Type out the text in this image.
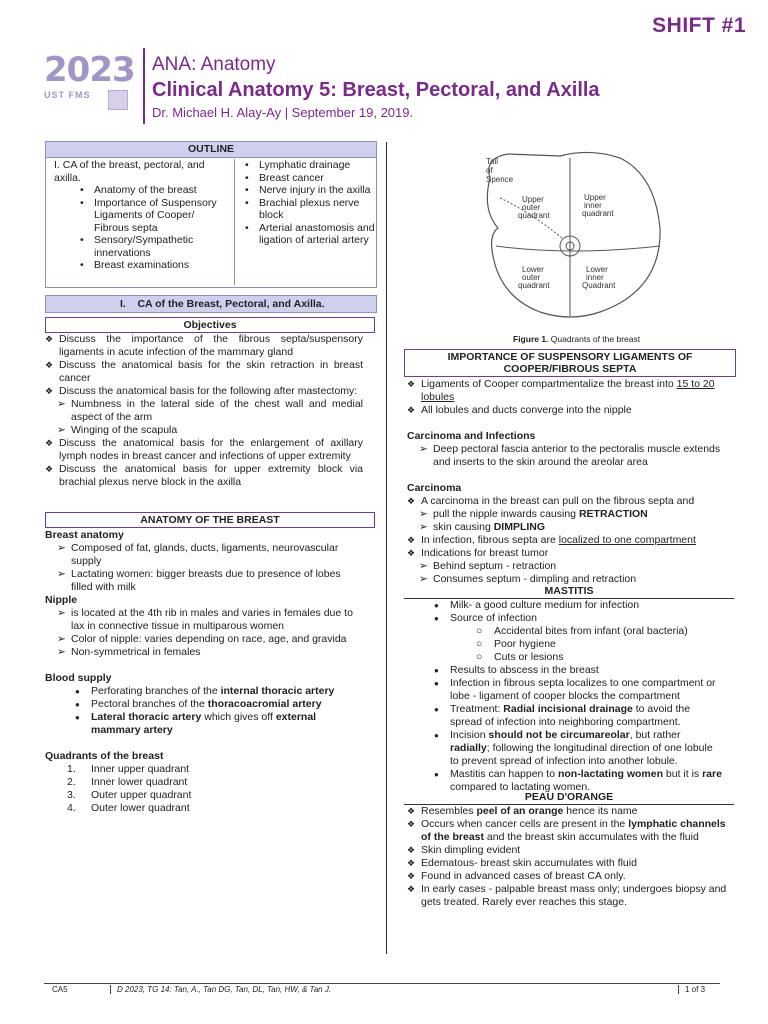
SHIFT #1
2023
UST FMS
ANA: Anatomy
Clinical Anatomy 5: Breast, Pectoral, and Axilla
Dr. Michael H. Alay-Ay | September 19, 2019.
OUTLINE
I. CA of the breast, pectoral, and axilla.
• Anatomy of the breast
• Importance of Suspensory Ligaments of Cooper/ Fibrous septa
• Sensory/Sympathetic innervations
• Breast examinations
• Lymphatic drainage
• Breast cancer
• Nerve injury in the axilla
• Brachial plexus nerve block
• Arterial anastomosis and ligation of arterial artery
I. CA of the Breast, Pectoral, and Axilla.
Objectives
❖ Discuss the importance of the fibrous septa/suspensory ligaments in acute infection of the mammary gland
❖ Discuss the anatomical basis for the skin retraction in breast cancer
❖ Discuss the anatomical basis for the following after mastectomy:
➢ Numbness in the lateral side of the chest wall and medial aspect of the arm
➢ Winging of the scapula
❖ Discuss the anatomical basis for the enlargement of axillary lymph nodes in breast cancer and infections of upper extremity
❖ Discuss the anatomical basis for upper extremity block via brachial plexus nerve block in the axilla
ANATOMY OF THE BREAST
Breast anatomy
➢ Composed of fat, glands, ducts, ligaments, neurovascular supply
➢ Lactating women: bigger breasts due to presence of lobes filled with milk
Nipple
➢ is located at the 4th rib in males and varies in females due to lax in connective tissue in multiparous women
➢ Color of nipple: varies depending on race, age, and gravida
➢ Non-symmetrical in females
Blood supply
● Perforating branches of the internal thoracic artery
● Pectoral branches of the thoracoacromial artery
● Lateral thoracic artery which gives off external mammary artery
Quadrants of the breast
1. Inner upper quadrant
2. Inner lower quadrant
3. Outer upper quadrant
4. Outer lower quadrant
Tail
of
Spence
Upper
outer
quadrant
Upper
inner
quadrant
Lower
outer
quadrant
Lower
inner
Quadrant
Figure 1. Quadrants of the breast
IMPORTANCE OF SUSPENSORY LIGAMENTS OF COOPER/FIBROUS SEPTA
❖ Ligaments of Cooper compartmentalize the breast into 15 to 20 lobules
❖ All lobules and ducts converge into the nipple
Carcinoma and Infections
➢ Deep pectoral fascia anterior to the pectoralis muscle extends and inserts to the skin around the areolar area
Carcinoma
❖ A carcinoma in the breast can pull on the fibrous septa and
➢ pull the nipple inwards causing RETRACTION
➢ skin causing DIMPLING
❖ In infection, fibrous septa are localized to one compartment
❖ Indications for breast tumor
➢ Behind septum - retraction
➢ Consumes septum - dimpling and retraction
MASTITIS
● Milk- a good culture medium for infection
● Source of infection
○ Accidental bites from infant (oral bacteria)
○ Poor hygiene
○ Cuts or lesions
● Results to abscess in the breast
● Infection in fibrous septa localizes to one compartment or lobe - ligament of cooper blocks the compartment
● Treatment: Radial incisional drainage to avoid the spread of infection into neighboring compartment.
● Incision should not be circumareolar, but rather radially; following the longitudinal direction of one lobule to prevent spread of infection into another lobule.
● Mastitis can happen to non-lactating women but it is rare compared to lactating women.
PEAU D'ORANGE
❖ Resembles peel of an orange hence its name
❖ Occurs when cancer cells are present in the lymphatic channels of the breast and the breast skin accumulates with the fluid
❖ Skin dimpling evident
❖ Edematous- breast skin accumulates with fluid
❖ Found in advanced cases of breast CA only.
❖ In early cases - palpable breast mass only; undergoes biopsy and gets treated. Rarely ever reaches this stage.
CA5	D 2023, TG 14: Tan, A., Tan DG, Tan, DL, Tan, HW, & Tan J.	1 of 3
